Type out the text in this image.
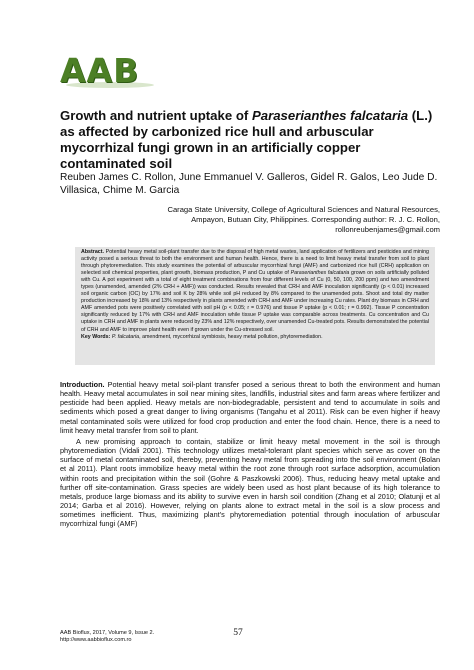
AAB
Growth and nutrient uptake of Paraserianthes falcataria (L.) as affected by carbonized rice hull and arbuscular mycorrhizal fungi grown in an artificially copper contaminated soil

Reuben James C. Rollon, June Emmanuel V. Galleros, Gidel R. Galos, Leo Jude D. Villasica, Chime M. Garcia

Caraga State University, College of Agricultural Sciences and Natural Resources,
Ampayon, Butuan City, Philippines. Corresponding author: R. J. C. Rollon,
rollonreubenjames@gmail.com

Abstract. Potential heavy metal soil-plant transfer due to the disposal of high metal wastes, land application of fertilizers and pesticides and mining activity posed a serious threat to both the environment and human health. Hence, there is a need to limit heavy metal transfer from soil to plant through phytoremediation. This study examines the potential of arbuscular mycorrhizal fungi (AMF) and carbonized rice hull (CRH) application on selected soil chemical properties, plant growth, biomass production, P and Cu uptake of Paraserianthes falcataria grown on soils artificially polluted with Cu. A pot experiment with a total of eight treatment combinations from four different levels of Cu (0, 50, 100, 200 ppm) and two amendment types (unamended, amended (2% CRH + AMF)) was conducted. Results revealed that CRH and AMF inoculation significantly (p < 0.01) increased soil organic carbon (OC) by 17% and soil K by 28% while soil pH reduced by 8% compared to the unamended pots. Shoot and total dry matter production increased by 18% and 13% respectively in plants amended with CRH and AMF under increasing Cu rates. Plant dry biomass in CRH and AMF amended pots were positively correlated with soil pH (p < 0.05; r = 0.976) and tissue P uptake (p < 0.01; r = 0.992). Tissue P concentration significantly reduced by 17% with CRH and AMF inoculation while tissue P uptake was comparable across treatments. Cu concentration and Cu uptake in CRH and AMF in plants were reduced by 23% and 12% respectively, over unamended Cu-treated pots. Results demonstrated the potential of CRH and AMF to improve plant health even if grown under the Cu-stressed soil.

Key Words: P. falcataria, amendment, mycorrhizal symbiosis, heavy metal pollution, phytoremediation.

Introduction. Potential heavy metal soil-plant transfer posed a serious threat to both the environment and human health. Heavy metal accumulates in soil near mining sites, landfills, industrial sites and farm areas where fertilizer and pesticide had been applied. Heavy metals are non-biodegradable, persistent and tend to accumulate in soils and sediments which posed a great danger to living organisms (Tangahu et al 2011). Risk can be even higher if heavy metal contaminated soils were utilized for food crop production and enter the food chain. Hence, there is a need to limit heavy metal transfer from soil to plant.

A new promising approach to contain, stabilize or limit heavy metal movement in the soil is through phytoremediation (Vidali 2001). This technology utilizes metal-tolerant plant species which serve as cover on the surface of metal contaminated soil, thereby, preventing heavy metal from spreading into the soil environment (Bolan et al 2011). Plant roots immobilize heavy metal within the root zone through root surface adsorption, accumulation within roots and precipitation within the soil (Gohre & Paszkowski 2006). Thus, reducing heavy metal uptake and further off site-contamination. Grass species are widely been used as host plant because of its high tolerance to metals, produce large biomass and its ability to survive even in harsh soil condition (Zhang et al 2010; Olatunji et al 2014; Garba et al 2016). However, relying on plants alone to extract metal in the soil is a slow process and sometimes inefficient. Thus, maximizing plant's phytoremediation potential through inoculation of arbuscular mycorrhizal fungi (AMF)

AAB Bioflux, 2017, Volume 9, Issue 2.
http://www.aabbioflux.com.ro
57
